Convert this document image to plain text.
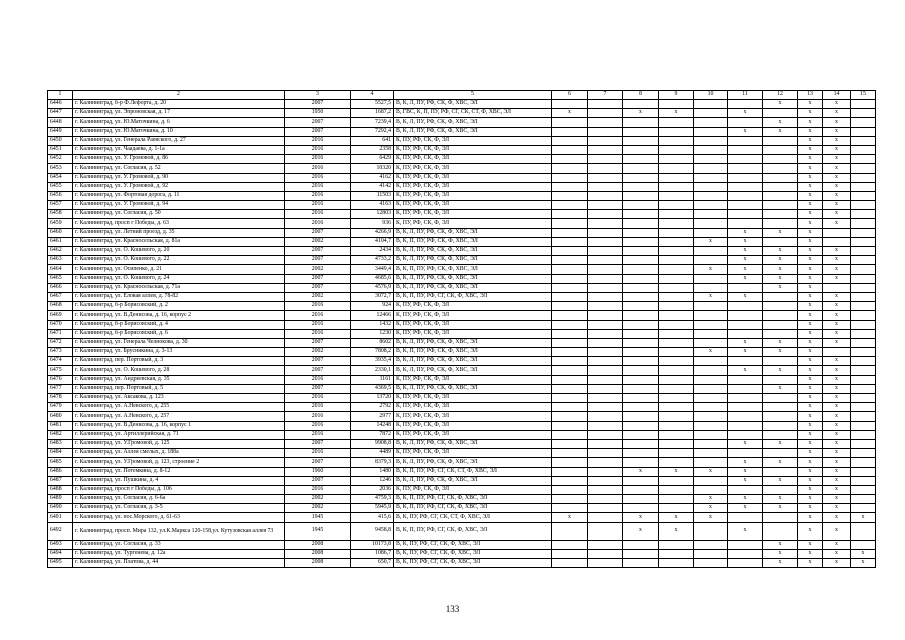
1	2	3	4	5	6	7	8	9	10	11	12	13	14	15
6446	г. Калининград, б-р Ф.Лефорта, д. 20	2007	5527,5	В, К, Л, ПУ, РФ, СК, Ф, ХВС, ЭЛ							х	х	х	
6447	г. Калининград, ул. Эпроновская, д. 17	1950	1687,2	В, ГВС, К, П, ПУ, РФ, СГ, СК, СТ, Ф, ХВС, ЭЛ	х		х	х		х		х	х	
6448	г. Калининград, ул. Ю.Маточкина, д. 6	2007	7239,4	В, К, Л, ПУ, РФ, СК, Ф, ХВС, ЭЛ							х	х	х	
6449	г. Калининград, ул. Ю.Маточкина, д. 10	2007	7292,4	В, К, Л, ПУ, РФ, СК, Ф, ХВС, ЭЛ						х	х	х	х	
6450	г. Калининград, ул. Генерала Раевского, д. 27	2016	641	К, ПУ, РФ, СК, Ф, ЭЛ								х	х	
6451	г. Калининград, ул. Чаадаева, д. 1-1а	2016	2358	К, ПУ, РФ, СК, Ф, ЭЛ								х	х	
6452	г. Калининград, ул. У. Громовой, д. 86	2016	6429	К, ПУ, РФ, СК, Ф, ЭЛ								х	х	
6453	г. Калининград, ул. Согласия, д. 52	2016	10320	К, ПУ, РФ, СК, Ф, ЭЛ								х	х	
6454	г. Калининград, ул. У. Громовой, д. 90	2016	4162	К, ПУ, РФ, СК, Ф, ЭЛ								х	х	
6455	г. Калининград, ул. У. Громовой, д. 92	2016	4142	К, ПУ, РФ, СК, Ф, ЭЛ								х	х	
6456	г. Калининград, ул. Фортовая дорога, д. 11	2016	11503	К, ПУ, РФ, СК, Ф, ЭЛ								х	х	
6457	г. Калининград, ул. У. Громовой, д. 94	2016	4163	К, ПУ, РФ, СК, Ф, ЭЛ								х	х	
6458	г. Калининград, ул. Согласия, д. 50	2016	12803	К, ПУ, РФ, СК, Ф, ЭЛ								х	х	
6459	г. Калининград, просп г Победы, д. 63	2016	936	К, ПУ, РФ, СК, Ф, ЭЛ								х	х	
6460	г. Калининград, ул. Летний проезд, д. 35	2007	4266,9	В, К, Л, ПУ, РФ, СК, Ф, ХВС, ЭЛ						х	х	х		
6461	г. Калининград, ул. Красносельская, д. 81а	2002	4104,7	В, К, П, ПУ, РФ, СК, Ф, ХВС, ЭЛ					х	х		х		
6462	г. Калининград, ул. О. Кошевого, д. 20	2007	2434	В, К, Л, ПУ, РФ, СК, Ф, ХВС, ЭЛ						х	х	х	х	
6463	г. Калининград, ул. О. Кошевого, д. 22	2007	4733,2	В, К, Л, ПУ, РФ, СК, Ф, ХВС, ЭЛ						х	х	х	х	
6464	г. Калининград, ул. Осипенко, д. 21	2002	3449,4	В, К, П, ПУ, РФ, СК, Ф, ХВС, ЭЛ					х	х	х	х	х	
6465	г. Калининград, ул. О. Кошевого, д. 24	2007	4685,6	В, К, Л, ПУ, РФ, СК, Ф, ХВС, ЭЛ						х	х	х	х	
6466	г. Калининград, ул. Красносельская, д. 71а	2007	4576,9	В, К, Л, ПУ, РФ, СК, Ф, ХВС, ЭЛ							х	х		
6467	г. Калининград, ул. Еловая аллея, д. 78-82	2002	3072,7	В, К, П, ПУ, РФ, СГ, СК, Ф, ХВС, ЭЛ					х	х		х	х	
6468	г. Калининград, б-р Борисовский, д. 2	2016	924	К, ПУ, РФ, СК, Ф, ЭЛ								х	х	
6469	г. Калининград, ул. В.Денисова, д. 16, корпус 2	2016	12466	К, ПУ, РФ, СК, Ф, ЭЛ								х	х	
6470	г. Калининград, б-р Борисовский, д. 4	2016	1432	К, ПУ, РФ, СК, Ф, ЭЛ								х	х	
6471	г. Калининград, б-р Борисовский, д. 6	2016	1230	К, ПУ, РФ, СК, Ф, ЭЛ								х	х	
6472	г. Калининград, ул. Генерала Челнокова, д. 30	2007	8602	В, К, Л, ПУ, РФ, СК, Ф, ХВС, ЭЛ						х	х	х	х	
6473	г. Калининград, ул. Брусникина, д. 3-13	2002	7808,2	В, К, П, ПУ, РФ, СК, Ф, ХВС, ЭЛ					х	х	х	х		
6474	г. Калининград, пер. Портовый, д. 3	2007	3935,4	В, К, Л, ПУ, РФ, СК, Ф, ХВС, ЭЛ								х	х	
6475	г. Калининград, ул. О. Кошевого, д. 28	2007	2330,1	В, К, Л, ПУ, РФ, СК, Ф, ХВС, ЭЛ						х	х	х	х	
6476	г. Калининград, ул. Андреевская, д. 35	2016	1161	К, ПУ, РФ, СК, Ф, ЭЛ								х	х	
6477	г. Калининград, пер. Портовый, д. 5	2007	4369,5	В, К, Л, ПУ, РФ, СК, Ф, ХВС, ЭЛ							х	х	х	
6478	г. Калининград, ул. Аксакова, д. 123	2016	13720	К, ПУ, РФ, СК, Ф, ЭЛ								х	х	
6479	г. Калининград, ул. А.Невского, д. 255	2016	2792	К, ПУ, РФ, СК, Ф, ЭЛ								х	х	
6480	г. Калининград, ул. А.Невского, д. 257	2016	2977	К, ПУ, РФ, СК, Ф, ЭЛ								х	х	
6481	г. Калининград, ул. В.Денисова, д. 16, корпус 1	2016	14248	К, ПУ, РФ, СК, Ф, ЭЛ								х	х	
6482	г. Калининград, ул. Артиллерийская, д. 71	2016	7872	К, ПУ, РФ, СК, Ф, ЭЛ								х	х	
6483	г. Калининград, ул. У.Громовой, д. 125	2007	9908,8	В, К, Л, ПУ, РФ, СК, Ф, ХВС, ЭЛ						х	х	х	х	
6484	г. Калининград, ул. Аллея смелых, д. 188а	2016	4489	К, ПУ, РФ, СК, Ф, ЭЛ								х	х	
6485	г. Калининград, ул. У.Громовой, д. 123, строение 2	2007	8379,3	В, К, Л, ПУ, РФ, СК, Ф, ХВС, ЭЛ						х	х	х	х	
6486	г. Калининград, ул. Потемкина, д. 8-12	1960	1480	В, К, П, ПУ, РФ, СГ, СК, СТ, Ф, ХВС, ЭЛ			х	х	х	х		х	х	
6487	г. Калининград, ул. Пушкина, д. 4	2007	1246	В, К, Л, ПУ, РФ, СК, Ф, ХВС, ЭЛ						х	х	х	х	
6488	г. Калининград, просп г Победы, д. 106	2016	2036	К, ПУ, РФ, СК, Ф, ЭЛ								х	х	
6489	г. Калининград, ул. Согласия, д. 6-6а	2002	4759,3	В, К, П, ПУ, РФ, СГ, СК, Ф, ХВС, ЭЛ					х	х	х	х	х	
6490	г. Калининград, ул. Согласия, д. 3-5	2002	5945,9	В, К, П, ПУ, РФ, СГ, СК, Ф, ХВС, ЭЛ					х	х	х	х	х	
6491	г. Калининград, ул. пос.Морского, д. 61-63	1945	415,6	В, К, ПУ, РФ, СГ, СК, СТ, Ф, ХВС, ЭЛ	х		х	х	х			х	х	х
6492	г. Калининград, просп. Мира 132, ул.К.Маркса 120-158,ул. Кутузовская аллея 73	1945	9458,8	В, К, П, ПУ, РФ, СГ, СК, Ф, ХВС, ЭЛ			х	х		х		х	х	
6493	г. Калининград, ул. Согласия, д. 33	2008	10173,8	В, К, ПУ, РФ, СГ, СК, Ф, ХВС, ЭЛ							х	х	х	
6494	г. Калининград, ул. Тургенева, д. 12а	2008	1086,7	В, К, ПУ, РФ, СГ, СК, Ф, ХВС, ЭЛ							х	х	х	х
6495	г. Калининград, ул. Платова, д. 44	2008	650,7	В, К, ПУ, РФ, СГ, СК, Ф, ХВС, ЭЛ							х	х	х	х
133
